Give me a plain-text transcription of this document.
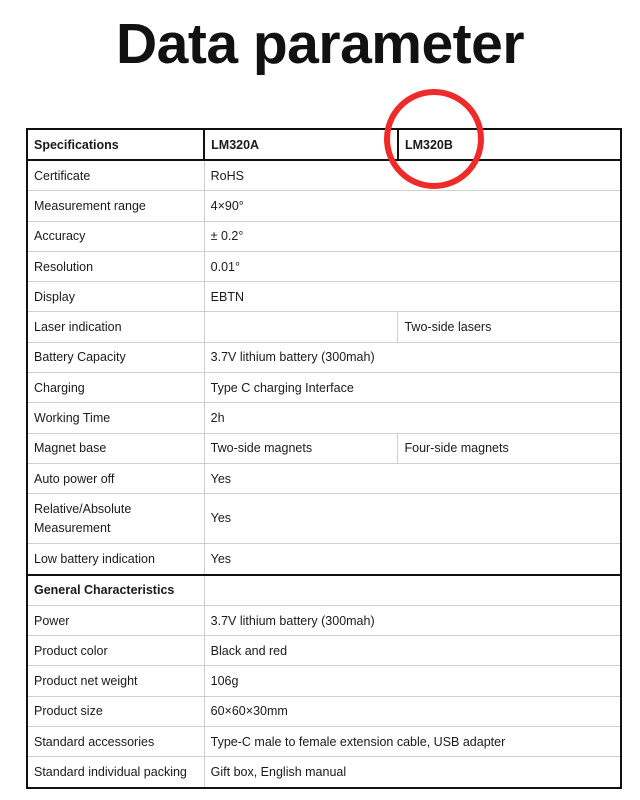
Data parameter
Specifications	LM320A	LM320B
Certificate	RoHS	
Measurement range	4×90°	
Accuracy	± 0.2°	
Resolution	0.01°	
Display	EBTN	
Laser indication		Two-side lasers
Battery Capacity	3.7V lithium battery (300mah)	
Charging	Type C charging Interface	
Working Time	2h	
Magnet base	Two-side magnets	Four-side magnets
Auto power off	Yes	
Relative/Absolute Measurement	Yes	
Low battery indication	Yes	
General Characteristics		
Power	3.7V lithium battery (300mah)	
Product color	Black and red	
Product net weight	106g	
Product size	60×60×30mm	
Standard accessories	Type-C male to female extension cable, USB adapter	
Standard individual packing	Gift box, English manual	
